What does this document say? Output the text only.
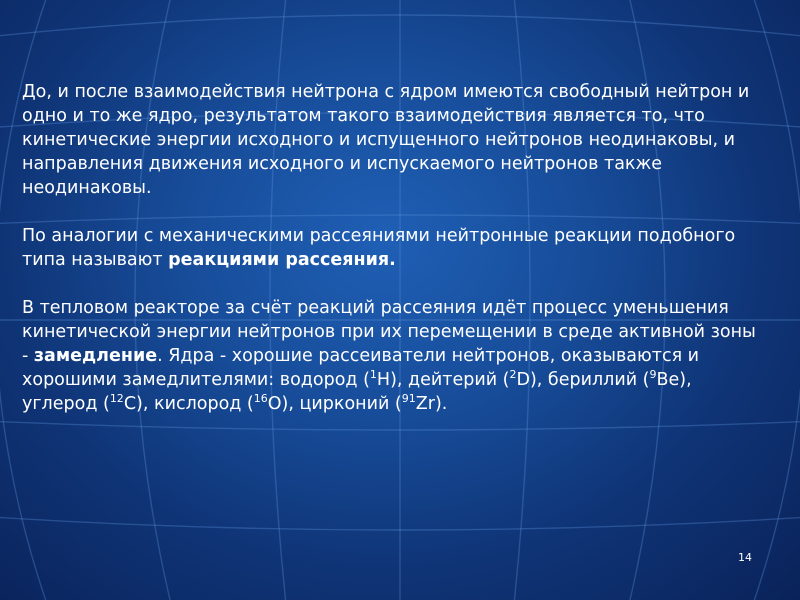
До, и после взаимодействия нейтрона с ядром имеются свободный нейтрон и одно и то же ядро, результатом такого взаимодействия является то, что кинетические энергии исходного и испущенного нейтронов неодинаковы, и направления движения исходного и испускаемого нейтронов также неодинаковы.

По аналогии с механическими рассеяниями нейтронные реакции подобного типа называют реакциями рассеяния.

В тепловом реакторе за счёт реакций рассеяния идёт процесс уменьшения кинетической энергии нейтронов при их перемещении в среде активной зоны - замедление. Ядра - хорошие рассеиватели нейтронов, оказываются и хорошими замедлителями: водород ($^1$H), дейтерий ($^2$D), бериллий ($^9$Be), углерод ($^{12}$C), кислород ($^{16}$O), цирконий ($^{91}$Zr).

14
